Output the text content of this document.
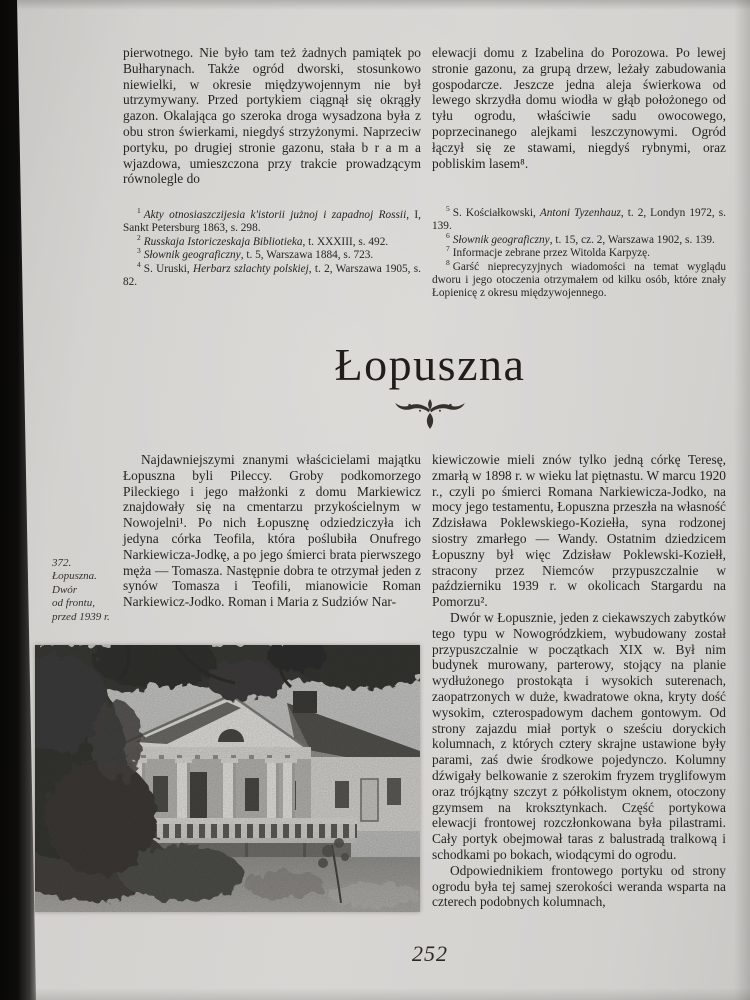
pierwotnego. Nie było tam też żadnych pamiątek po Bułharynach. Także ogród dworski, stosunkowo niewielki, w okresie międzywojennym nie był utrzymywany. Przed portykiem ciągnął się okrągły gazon. Okalająca go szeroka droga wysadzona była z obu stron świerkami, niegdyś strzyżonymi. Naprzeciw portyku, po drugiej stronie gazonu, stała b r a m a wjazdowa, umieszczona przy trakcie prowadzącym równolegle do

elewacji domu z Izabelina do Porozowa. Po lewej stronie gazonu, za grupą drzew, leżały zabudowania gospodarcze. Jeszcze jedna aleja świerkowa od lewego skrzydła domu wiodła w głąb położonego od tyłu ogrodu, właściwie sadu owocowego, poprzecinanego alejkami leszczynowymi. Ogród łączył się ze stawami, niegdyś rybnymi, oraz pobliskim lasem⁸.

$^1$ Akty otnosiaszczijesia k'istorii jużnoj i zapadnoj Rossii, I, Sankt Petersburg 1863, s. 298.

$^2$ Russkaja Istoriczeskaja Bibliotieka, t. XXXIII, s. 492.

$^3$ Słownik geograficzny, t. 5, Warszawa 1884, s. 723.

$^4$ S. Uruski, Herbarz szlachty polskiej, t. 2, Warszawa 1905, s. 82.

$^5$ S. Kościałkowski, Antoni Tyzenhauz, t. 2, Londyn 1972, s. 139.

$^6$ Słownik geograficzny, t. 15, cz. 2, Warszawa 1902, s. 139.

$^7$ Informacje zebrane przez Witolda Karpyzę.

$^8$ Garść nieprecyzyjnych wiadomości na temat wyglądu dworu i jego otoczenia otrzymałem od kilku osób, które znały Łopienicę z okresu międzywojennego.

Łopuszna

Najdawniejszymi znanymi właścicielami majątku Łopuszna byli Pileccy. Groby podkomorzego Pileckiego i jego małżonki z domu Markiewicz znajdowały się na cmentarzu przykościelnym w Nowojelni¹. Po nich Łopusznę odziedziczyła ich jedyna córka Teofila, która poślubiła Onufrego Narkiewicza-Jodkę, a po jego śmierci brata pierwszego męża — Tomasza. Następnie dobra te otrzymał jeden z synów Tomasza i Teofili, mianowicie Roman Narkiewicz-Jodko. Roman i Maria z Sudziów Nar-

kiewiczowie mieli znów tylko jedną córkę Teresę, zmarłą w 1898 r. w wieku lat piętnastu. W marcu 1920 r., czyli po śmierci Romana Narkiewicza-Jodko, na mocy jego testamentu, Łopuszna przeszła na własność Zdzisława Poklewskiego-Koziełła, syna rodzonej siostry zmarłego — Wandy. Ostatnim dziedzicem Łopuszny był więc Zdzisław Poklewski-Koziełł, stracony przez Niemców przypuszczalnie w październiku 1939 r. w okolicach Stargardu na Pomorzu².

Dwór w Łopusznie, jeden z ciekawszych zabytków tego typu w Nowogródzkiem, wybudowany został przypuszczalnie w początkach XIX w. Był nim budynek murowany, parterowy, stojący na planie wydłużonego prostokąta i wysokich suterenach, zaopatrzonych w duże, kwadratowe okna, kryty dość wysokim, czterospadowym dachem gontowym. Od strony zajazdu miał portyk o sześciu doryckich kolumnach, z których cztery skrajne ustawione były parami, zaś dwie środkowe pojedynczo. Kolumny dźwigały belkowanie z szerokim fryzem tryglifowym oraz trójkątny szczyt z półkolistym oknem, otoczony gzymsem na kroksztynkach. Część portykowa elewacji frontowej rozczłonkowana była pilastrami. Cały portyk obejmował taras z balustradą tralkową i schodkami po bokach, wiodącymi do ogrodu.

Odpowiednikiem frontowego portyku od strony ogrodu była tej samej szerokości weranda wsparta na czterech podobnych kolumnach,

372.
Łopuszna.
Dwór
od frontu,
przed 1939 r.
252
